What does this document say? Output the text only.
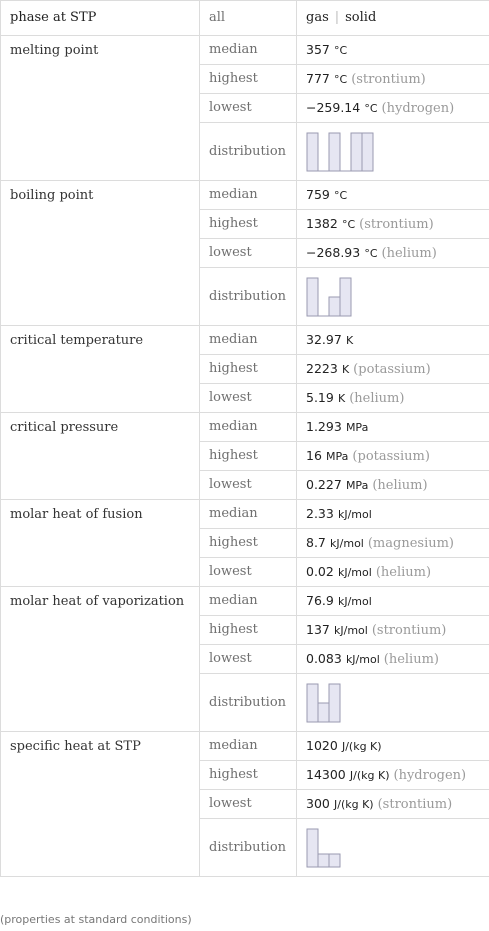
phase at STP	all	gas | solid
melting point	median	357 °C
	highest	777 °C (strontium)
	lowest	−259.14 °C (hydrogen)
	distribution	

boiling point	median	759 °C
	highest	1382 °C (strontium)
	lowest	−268.93 °C (helium)
	distribution	

critical temperature	median	32.97 K
	highest	2223 K (potassium)
	lowest	5.19 K (helium)
critical pressure	median	1.293 MPa
	highest	16 MPa (potassium)
	lowest	0.227 MPa (helium)
molar heat of fusion	median	2.33 kJ/mol
	highest	8.7 kJ/mol (magnesium)
	lowest	0.02 kJ/mol (helium)
molar heat of vaporization	median	76.9 kJ/mol
	highest	137 kJ/mol (strontium)
	lowest	0.083 kJ/mol (helium)
	distribution	

specific heat at STP	median	1020 J/(kg K)
	highest	14300 J/(kg K) (hydrogen)
	lowest	300 J/(kg K) (strontium)
	distribution	
(properties at standard conditions)
